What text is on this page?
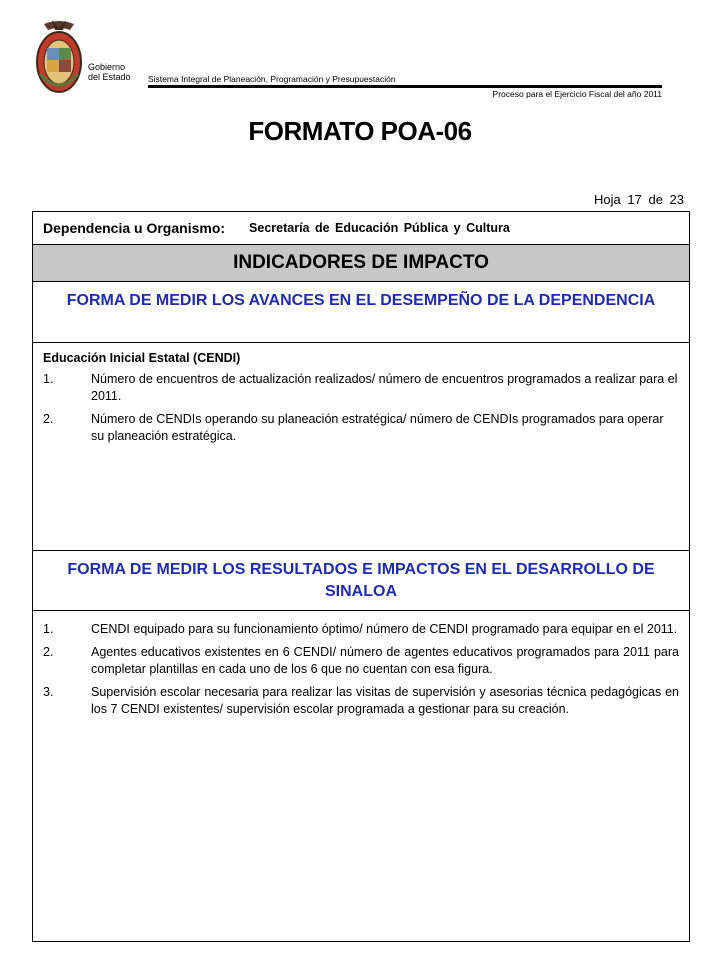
Gobierno
del Estado Sistema Integral de Planeación, Programación y Presupuestación
Proceso para el Ejercicio Fiscal del año 2011
FORMATO POA-06
Hoja 17 de 23
Dependencia u Organismo: Secretaría de Educación Pública y Cultura
INDICADORES DE IMPACTO
FORMA DE MEDIR LOS AVANCES EN EL DESEMPEÑO DE LA DEPENDENCIA
Educación Inicial Estatal (CENDI)
1.	Número de encuentros de actualización realizados/ número de encuentros programados a realizar para el 2011.
2.	Número de CENDIs operando su planeación estratégica/ número de CENDIs programados para operar su planeación estratégica.
FORMA DE MEDIR LOS RESULTADOS E IMPACTOS EN EL DESARROLLO DE SINALOA
1.	CENDI equipado para su funcionamiento óptimo/ número de CENDI programado para equipar en el 2011.
2.	Agentes educativos existentes en 6 CENDI/ número de agentes educativos programados para 2011 para completar plantillas en cada uno de los 6 que no cuentan con esa figura.
3.	Supervisión escolar necesaria para realizar las visitas de supervisión y asesorias técnica pedagógicas en los 7 CENDI existentes/ supervisión escolar programada a gestionar para su creación.
